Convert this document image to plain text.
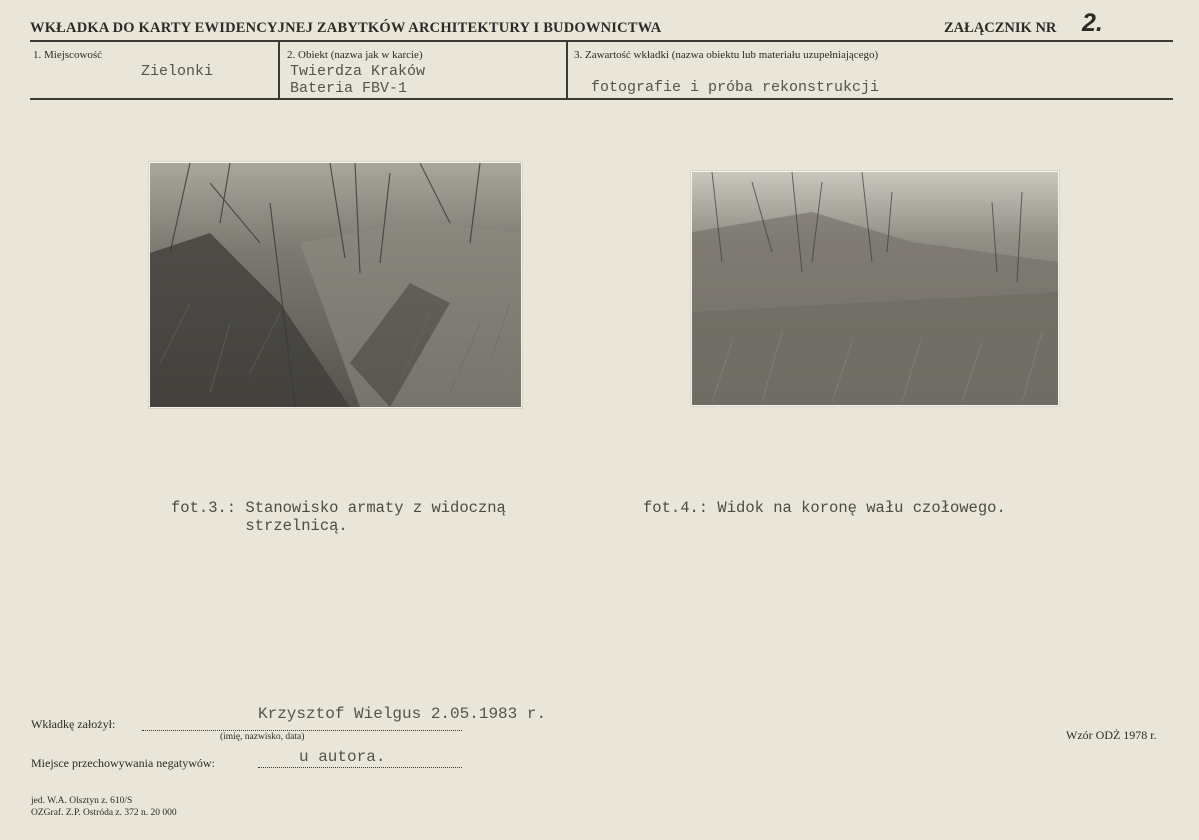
WKŁADKA DO KARTY EWIDENCYJNEJ ZABYTKÓW ARCHITEKTURY I BUDOWNICTWA	ZAŁĄCZNIK NR 2.
1. Miejscowość
Zielonki
2. Obiekt (nazwa jak w karcie)
Twierdza Kraków
Bateria FBV-1
3. Zawartość wkładki (nazwa obiektu lub materiału uzupełniającego)
fotografie i próba rekonstrukcji
fot.3.: Stanowisko armaty z widoczną
strzelnicą.
fot.4.: Widok na koronę wału czołowego.
Wkładkę założył:
Krzysztof Wielgus 2.05.1983 r.
(imię, nazwisko, data)
Miejsce przechowywania negatywów:	u autora.
Wzór ODŻ 1978 r.
jed. W.A. Olsztyn z. 610/S
OZGraf. Z.P. Ostróda z. 372 n. 20 000
